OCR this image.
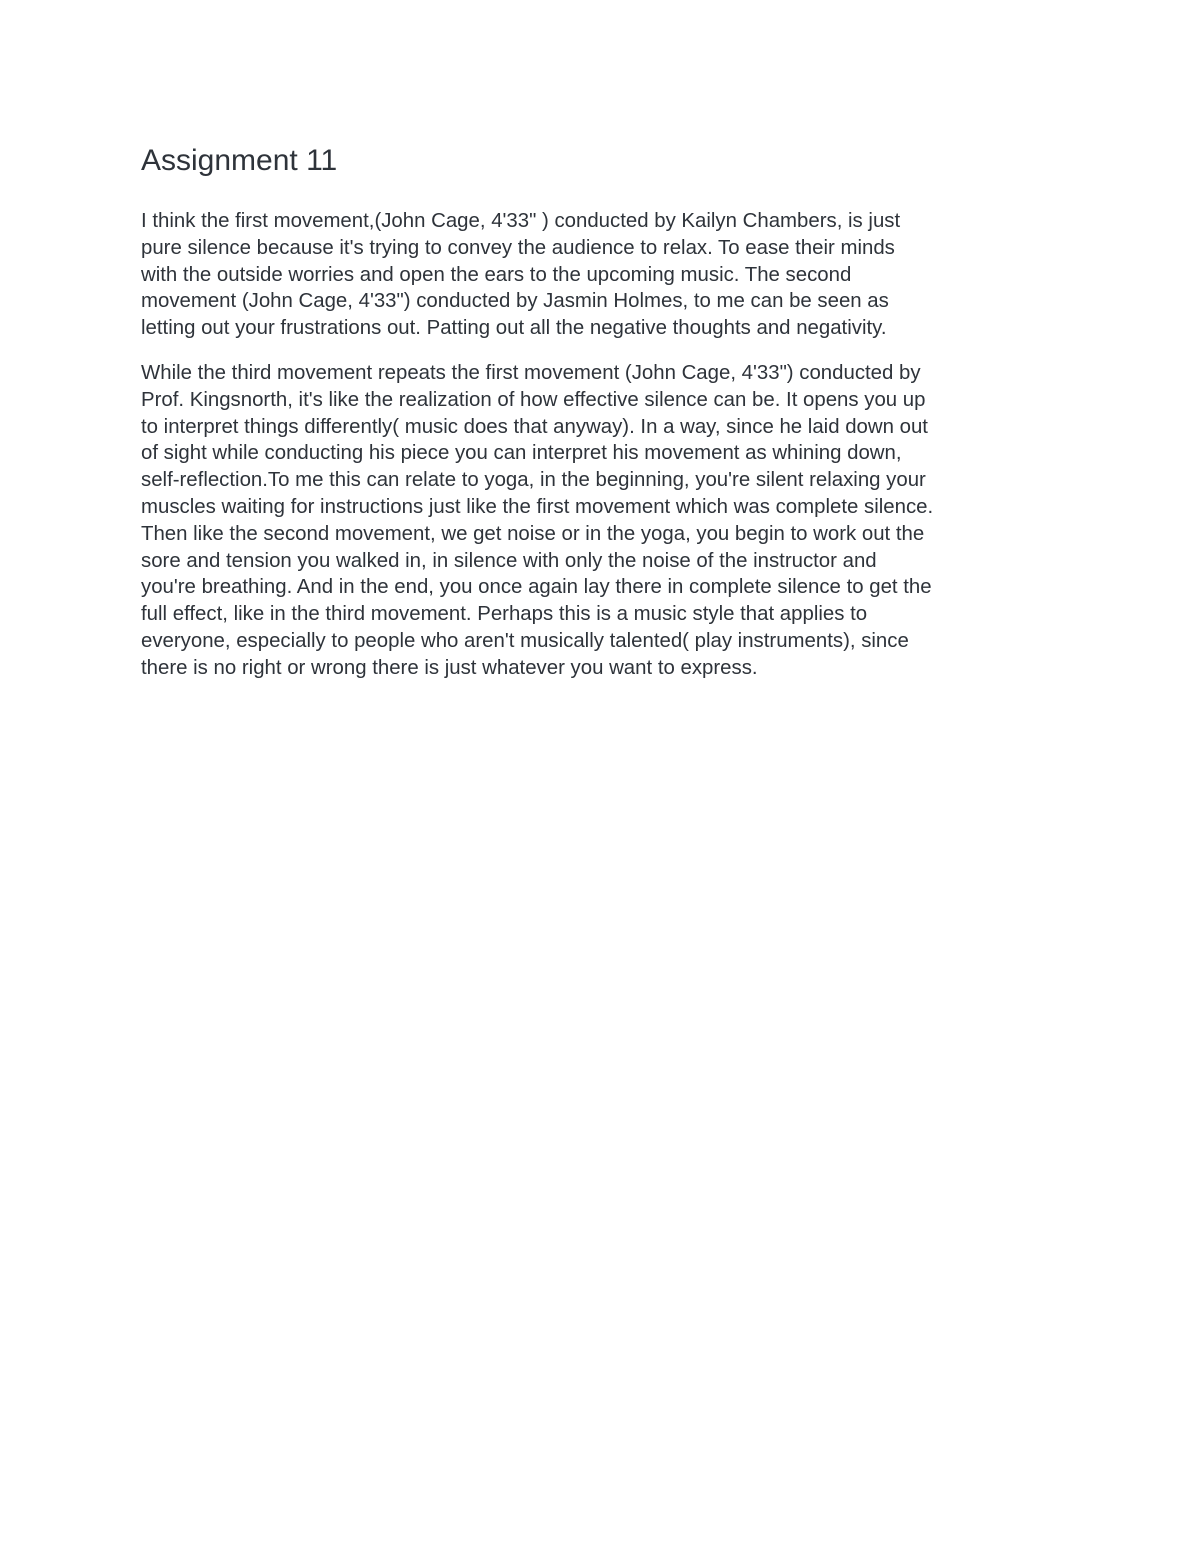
Assignment 11

I think the first movement,(John Cage, 4'33" ) conducted by Kailyn Chambers, is just
pure silence because it's trying to convey the audience to relax. To ease their minds
with the outside worries and open the ears to the upcoming music. The second
movement (John Cage, 4'33") conducted by Jasmin Holmes, to me can be seen as
letting out your frustrations out. Patting out all the negative thoughts and negativity.

While the third movement repeats the first movement (John Cage, 4'33") conducted by
Prof. Kingsnorth, it's like the realization of how effective silence can be. It opens you up
to interpret things differently( music does that anyway). In a way, since he laid down out
of sight while conducting his piece you can interpret his movement as whining down,
self-reflection.To me this can relate to yoga, in the beginning, you're silent relaxing your
muscles waiting for instructions just like the first movement which was complete silence.
Then like the second movement, we get noise or in the yoga, you begin to work out the
sore and tension you walked in, in silence with only the noise of the instructor and
you're breathing. And in the end, you once again lay there in complete silence to get the
full effect, like in the third movement. Perhaps this is a music style that applies to
everyone, especially to people who aren't musically talented( play instruments), since
there is no right or wrong there is just whatever you want to express.
